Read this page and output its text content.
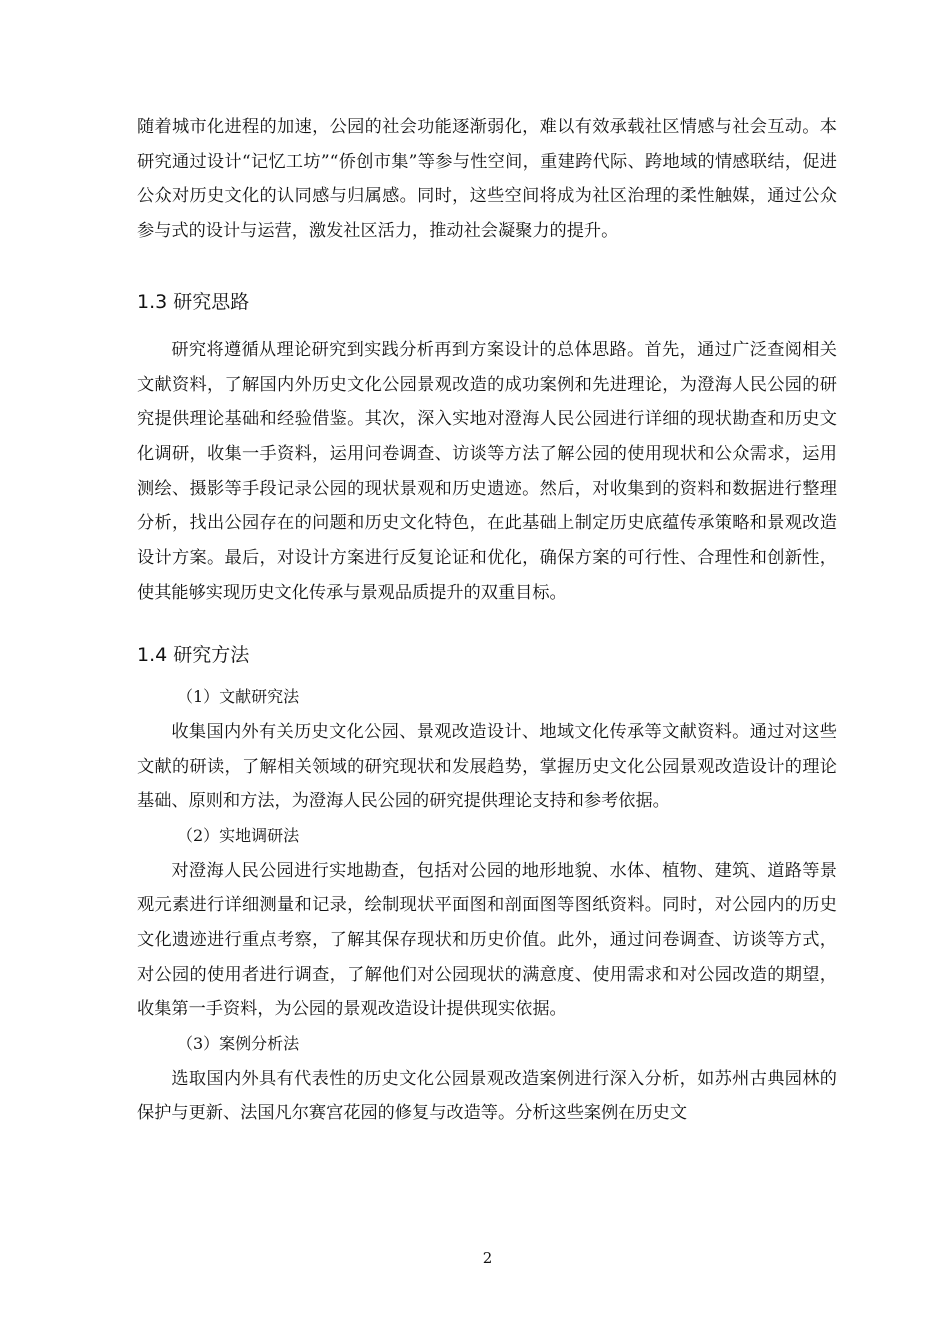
随着城市化进程的加速，公园的社会功能逐渐弱化，难以有效承载社区情感与社会互动。本研究通过设计“记忆工坊”“侨创市集”等参与性空间，重建跨代际、跨地域的情感联结，促进公众对历史文化的认同感与归属感。同时，这些空间将成为社区治理的柔性触媒，通过公众参与式的设计与运营，激发社区活力，推动社会凝聚力的提升。

1.3 研究思路

研究将遵循从理论研究到实践分析再到方案设计的总体思路。首先，通过广泛查阅相关文献资料，了解国内外历史文化公园景观改造的成功案例和先进理论，为澄海人民公园的研究提供理论基础和经验借鉴。其次，深入实地对澄海人民公园进行详细的现状勘查和历史文化调研，收集一手资料，运用问卷调查、访谈等方法了解公园的使用现状和公众需求，运用测绘、摄影等手段记录公园的现状景观和历史遗迹。然后，对收集到的资料和数据进行整理分析，找出公园存在的问题和历史文化特色，在此基础上制定历史底蕴传承策略和景观改造设计方案。最后，对设计方案进行反复论证和优化，确保方案的可行性、合理性和创新性，使其能够实现历史文化传承与景观品质提升的双重目标。

1.4 研究方法

（1）文献研究法

收集国内外有关历史文化公园、景观改造设计、地域文化传承等文献资料。通过对这些文献的研读，了解相关领域的研究现状和发展趋势，掌握历史文化公园景观改造设计的理论基础、原则和方法，为澄海人民公园的研究提供理论支持和参考依据。

（2）实地调研法

对澄海人民公园进行实地勘查，包括对公园的地形地貌、水体、植物、建筑、道路等景观元素进行详细测量和记录，绘制现状平面图和剖面图等图纸资料。同时，对公园内的历史文化遗迹进行重点考察，了解其保存现状和历史价值。此外，通过问卷调查、访谈等方式，对公园的使用者进行调查，了解他们对公园现状的满意度、使用需求和对公园改造的期望，收集第一手资料，为公园的景观改造设计提供现实依据。

（3）案例分析法

选取国内外具有代表性的历史文化公园景观改造案例进行深入分析，如苏州古典园林的保护与更新、法国凡尔赛宫花园的修复与改造等。分析这些案例在历史文

2
